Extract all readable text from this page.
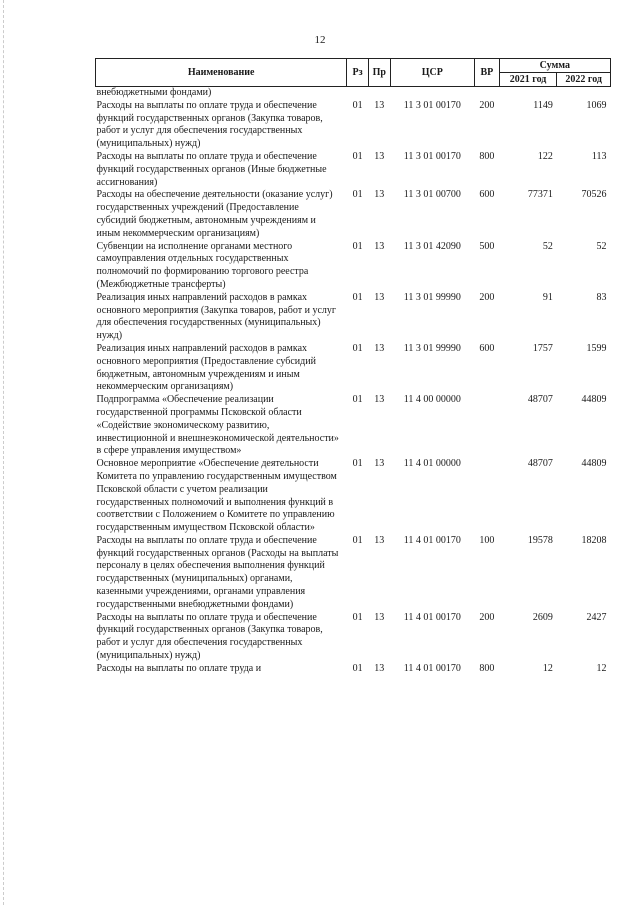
12
Наименование	Рз	Пр	ЦСР	ВР	Сумма	
					2021 год	2022 год
внебюджетными фондами)						
Расходы на выплаты по оплате труда и обеспечение функций государственных органов (Закупка товаров, работ и услуг для обеспечения государственных (муниципальных) нужд)	01	13	11 3 01 00170	200	1149	1069
Расходы на выплаты по оплате труда и обеспечение функций государственных органов (Иные бюджетные ассигнования)	01	13	11 3 01 00170	800	122	113
Расходы на обеспечение деятельности (оказание услуг) государственных учреждений (Предоставление субсидий бюджетным, автономным учреждениям и иным некоммерческим организациям)	01	13	11 3 01 00700	600	77371	70526
Субвенции на исполнение органами местного самоуправления отдельных государственных полномочий по формированию торгового реестра (Межбюджетные трансферты)	01	13	11 3 01 42090	500	52	52
Реализация иных направлений расходов в рамках основного мероприятия (Закупка товаров, работ и услуг для обеспечения государственных (муниципальных) нужд)	01	13	11 3 01 99990	200	91	83
Реализация иных направлений расходов в рамках основного мероприятия (Предоставление субсидий бюджетным, автономным учреждениям и иным некоммерческим организациям)	01	13	11 3 01 99990	600	1757	1599
Подпрограмма «Обеспечение реализации государственной программы Псковской области «Содействие экономическому развитию, инвестиционной и внешнеэкономической деятельности» в сфере управления имуществом»	01	13	11 4 00 00000		48707	44809
Основное мероприятие «Обеспечение деятельности Комитета по управлению государственным имуществом Псковской области с учетом реализации государственных полномочий и выполнения функций в соответствии с Положением о Комитете по управлению государственным имуществом Псковской области»	01	13	11 4 01 00000		48707	44809
Расходы на выплаты по оплате труда и обеспечение функций государственных органов (Расходы на выплаты персоналу в целях обеспечения выполнения функций государственных (муниципальных) органами, казенными учреждениями, органами управления государственными внебюджетными фондами)	01	13	11 4 01 00170	100	19578	18208
Расходы на выплаты по оплате труда и обеспечение функций государственных органов (Закупка товаров, работ и услуг для обеспечения государственных (муниципальных) нужд)	01	13	11 4 01 00170	200	2609	2427
Расходы на выплаты по оплате труда и	01	13	11 4 01 00170	800	12	12
